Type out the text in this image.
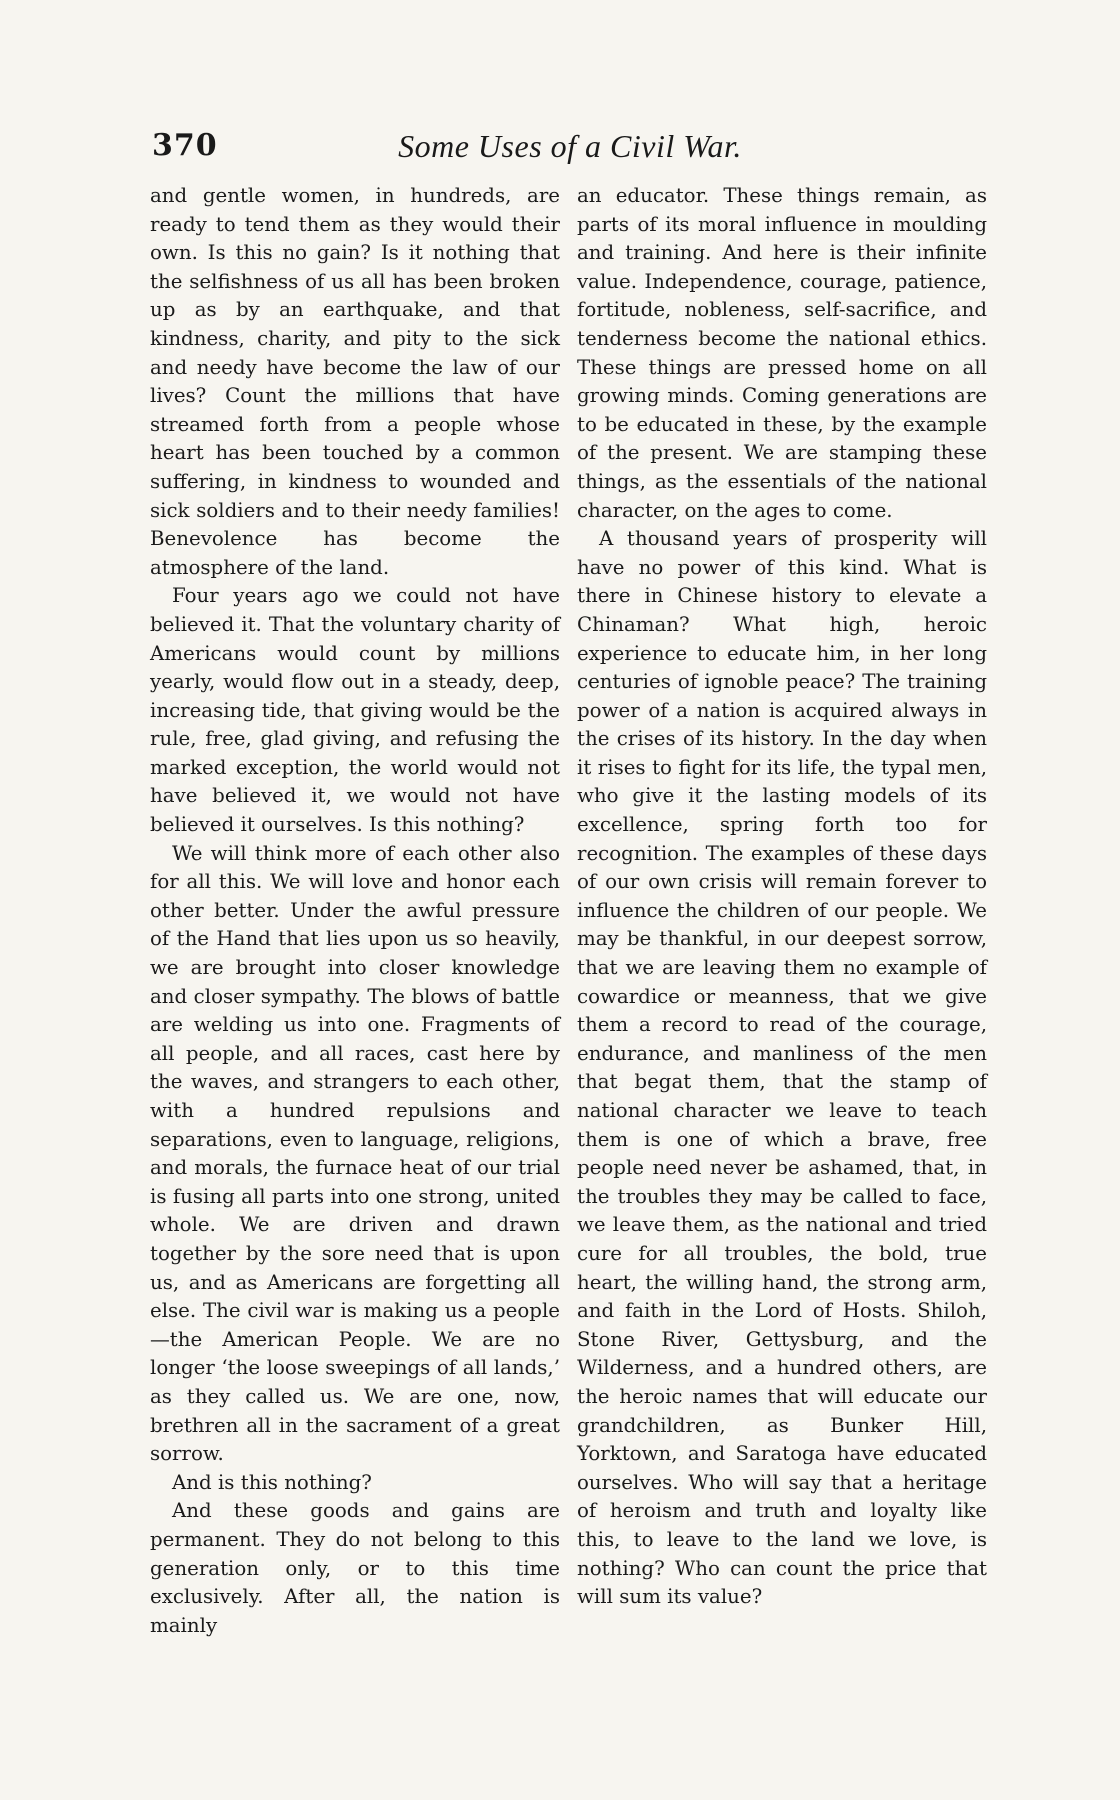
370	Some Uses of a Civil War.

and gentle women, in hundreds, are ready to tend them as they would their own. Is this no gain? Is it nothing that the selfishness of us all has been broken up as by an earthquake, and that kindness, charity, and pity to the sick and needy have become the law of our lives? Count the millions that have streamed forth from a people whose heart has been touched by a common suffering, in kindness to wounded and sick soldiers and to their needy families! Benevolence has become the atmosphere of the land.

Four years ago we could not have believed it. That the voluntary charity of Americans would count by millions yearly, would flow out in a steady, deep, increasing tide, that giving would be the rule, free, glad giving, and refusing the marked exception, the world would not have believed it, we would not have believed it ourselves. Is this nothing?

We will think more of each other also for all this. We will love and honor each other better. Under the awful pressure of the Hand that lies upon us so heavily, we are brought into closer knowledge and closer sympathy. The blows of battle are welding us into one. Fragments of all people, and all races, cast here by the waves, and strangers to each other, with a hundred repulsions and separations, even to language, religions, and morals, the furnace heat of our trial is fusing all parts into one strong, united whole. We are driven and drawn together by the sore need that is upon us, and as Americans are forgetting all else. The civil war is making us a people—the American People. We are no longer ‘the loose sweepings of all lands,’ as they called us. We are one, now, brethren all in the sacrament of a great sorrow.

And is this nothing?

And these goods and gains are permanent. They do not belong to this generation only, or to this time exclusively. After all, the nation is mainly

an educator. These things remain, as parts of its moral influence in moulding and training. And here is their infinite value. Independence, courage, patience, fortitude, nobleness, self-sacrifice, and tenderness become the national ethics. These things are pressed home on all growing minds. Coming generations are to be educated in these, by the example of the present. We are stamping these things, as the essentials of the national character, on the ages to come.

A thousand years of prosperity will have no power of this kind. What is there in Chinese history to elevate a Chinaman? What high, heroic experience to educate him, in her long centuries of ignoble peace? The training power of a nation is acquired always in the crises of its history. In the day when it rises to fight for its life, the typal men, who give it the lasting models of its excellence, spring forth too for recognition. The examples of these days of our own crisis will remain forever to influence the children of our people. We may be thankful, in our deepest sorrow, that we are leaving them no example of cowardice or meanness, that we give them a record to read of the courage, endurance, and manliness of the men that begat them, that the stamp of national character we leave to teach them is one of which a brave, free people need never be ashamed, that, in the troubles they may be called to face, we leave them, as the national and tried cure for all troubles, the bold, true heart, the willing hand, the strong arm, and faith in the Lord of Hosts. Shiloh, Stone River, Gettysburg, and the Wilderness, and a hundred others, are the heroic names that will educate our grandchildren, as Bunker Hill, Yorktown, and Saratoga have educated ourselves. Who will say that a heritage of heroism and truth and loyalty like this, to leave to the land we love, is nothing? Who can count the price that will sum its value?
